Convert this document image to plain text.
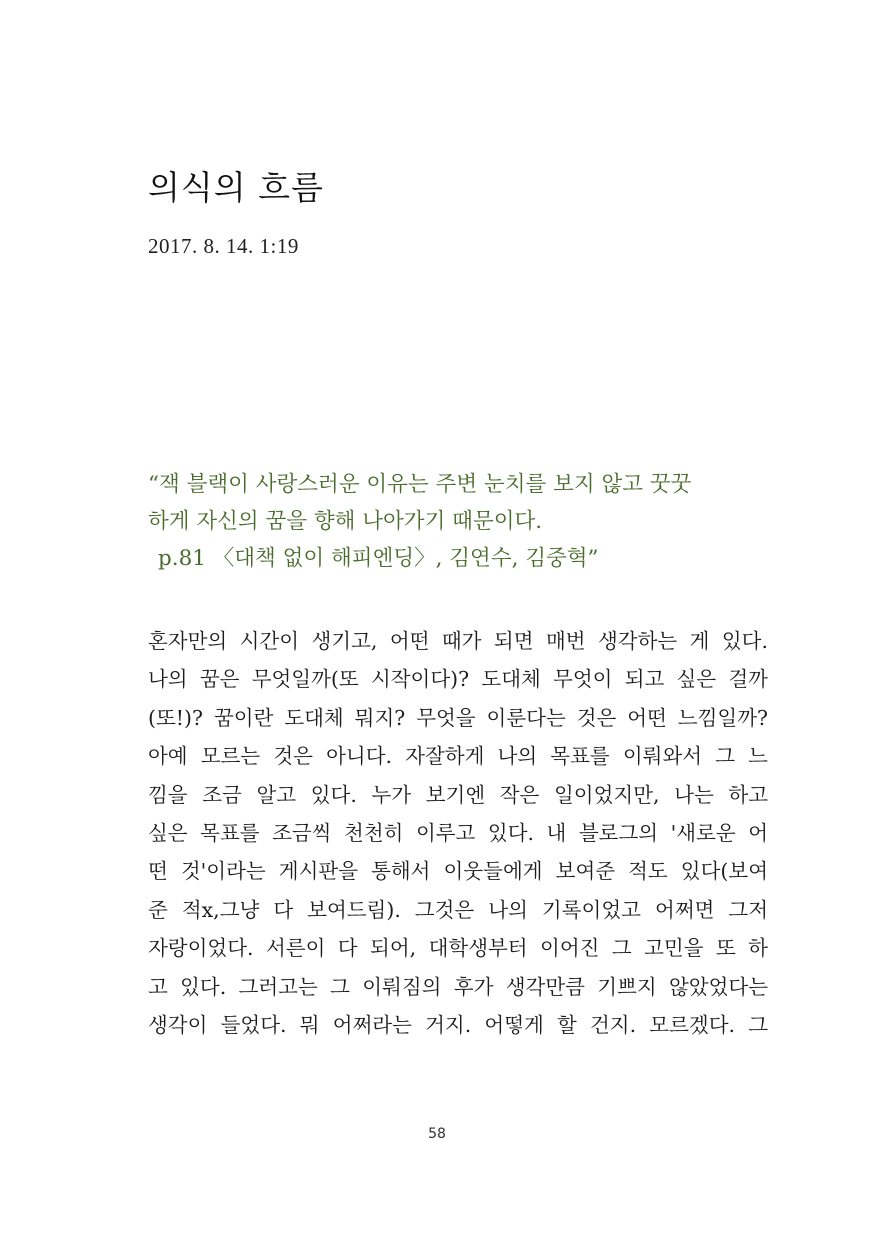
의식의 흐름
2017. 8. 14. 1:19
“잭 블랙이 사랑스러운 이유는 주변 눈치를 보지 않고 꿋꿋
하게 자신의 꿈을 향해 나아가기 때문이다.
p.81 〈대책 없이 해피엔딩〉, 김연수, 김중혁”
혼자만의 시간이 생기고, 어떤 때가 되면 매번 생각하는 게 있다.
나의 꿈은 무엇일까(또 시작이다)? 도대체 무엇이 되고 싶은 걸까
(또!)? 꿈이란 도대체 뭐지? 무엇을 이룬다는 것은 어떤 느낌일까?
아예 모르는 것은 아니다. 자잘하게 나의 목표를 이뤄와서 그 느
낌을 조금 알고 있다. 누가 보기엔 작은 일이었지만, 나는 하고
싶은 목표를 조금씩 천천히 이루고 있다. 내 블로그의 '새로운 어
떤 것'이라는 게시판을 통해서 이웃들에게 보여준 적도 있다(보여
준 적x,그냥 다 보여드림). 그것은 나의 기록이었고 어쩌면 그저
자랑이었다. 서른이 다 되어, 대학생부터 이어진 그 고민을 또 하
고 있다. 그러고는 그 이뤄짐의 후가 생각만큼 기쁘지 않았었다는
생각이 들었다. 뭐 어쩌라는 거지. 어떻게 할 건지. 모르겠다. 그
58
